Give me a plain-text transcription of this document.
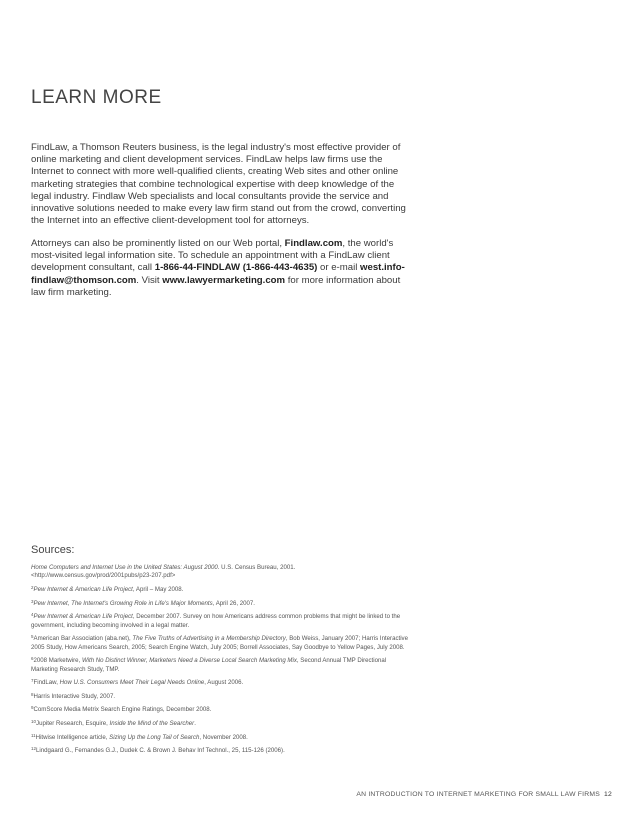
LEARN MORE

FindLaw, a Thomson Reuters business, is the legal industry's most effective provider of online marketing and client development services. FindLaw helps law firms use the Internet to connect with more well-qualified clients, creating Web sites and other online marketing strategies that combine technological expertise with deep knowledge of the legal industry. Findlaw Web specialists and local consultants provide the service and innovative solutions needed to make every law firm stand out from the crowd, converting the Internet into an effective client-development tool for attorneys.

Attorneys can also be prominently listed on our Web portal, Findlaw.com, the world's most-visited legal information site. To schedule an appointment with a FindLaw client development consultant, call 1-866-44-FINDLAW (1-866-443-4635) or e-mail west.info-findlaw@thomson.com. Visit www.lawyermarketing.com for more information about law firm marketing.

Sources:
Home Computers and Internet Use in the United States: August 2000. U.S. Census Bureau, 2001. <http://www.census.gov/prod/2001pubs/p23-207.pdf>
$^2$Pew Internet & American Life Project, April – May 2008.
$^3$Pew Internet, The Internet's Growing Role in Life's Major Moments, April 26, 2007.
$^4$Pew Internet & American Life Project, December 2007. Survey on how Americans address common problems that might be linked to the government, including becoming involved in a legal matter.
$^5$American Bar Association (aba.net), The Five Truths of Advertising in a Membership Directory, Bob Weiss, January 2007; Harris Interactive 2005 Study, How Americans Search, 2005; Search Engine Watch, July 2005; Borrell Associates, Say Goodbye to Yellow Pages, July 2008.
$^6$2008 Marketwire, With No Distinct Winner, Marketers Need a Diverse Local Search Marketing Mix, Second Annual TMP Directional Marketing Research Study, TMP.
$^7$FindLaw, How U.S. Consumers Meet Their Legal Needs Online, August 2006.
$^8$Harris Interactive Study, 2007.
$^9$ComScore Media Metrix Search Engine Ratings, December 2008.
$^{10}$Jupiter Research, Esquire, Inside the Mind of the Searcher.
$^{11}$Hitwise Intelligence article, Sizing Up the Long Tail of Search, November 2008.
$^{12}$Lindgaard G., Fernandes G.J., Dudek C. & Brown J. Behav Inf Technol., 25, 115-126 (2006).
AN INTRODUCTION TO INTERNET MARKETING FOR SMALL LAW FIRMS 12
